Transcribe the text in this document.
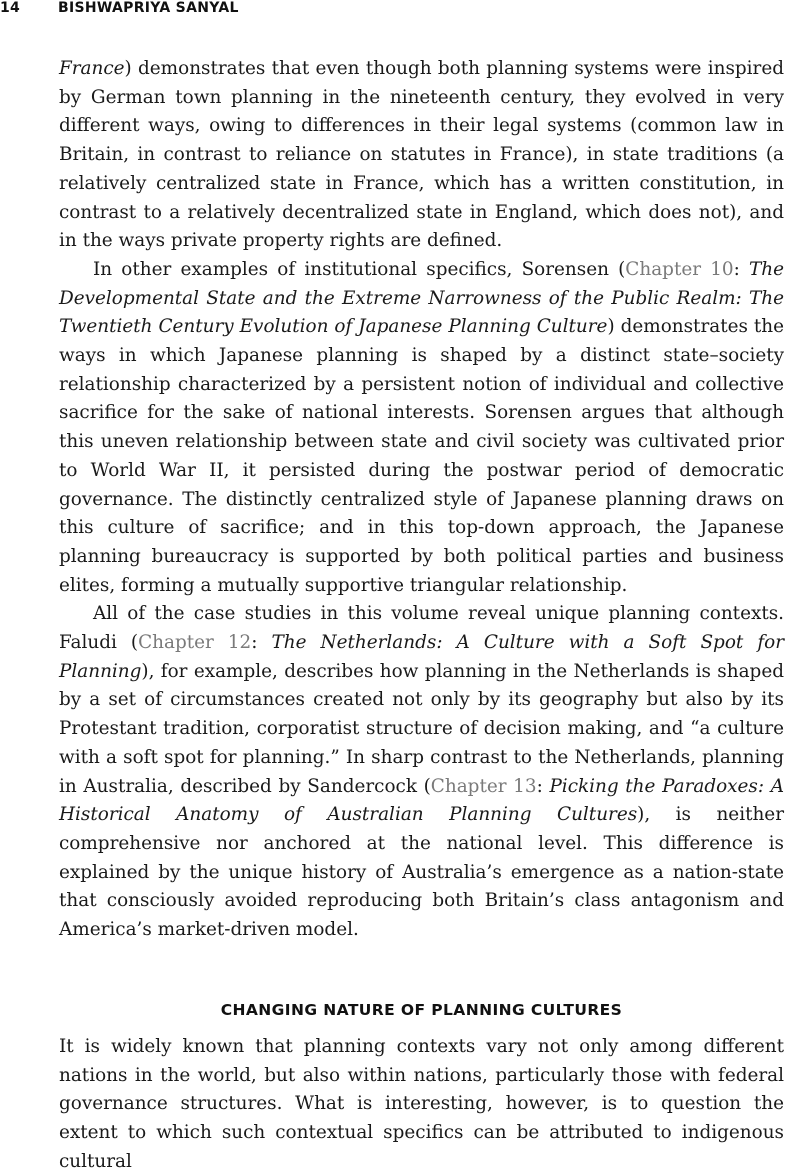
14	BISHWAPRIYA SANYAL

France) demonstrates that even though both planning systems were inspired by German town planning in the nineteenth century, they evolved in very different ways, owing to differences in their legal systems (common law in Britain, in contrast to reliance on statutes in France), in state traditions (a relatively centralized state in France, which has a written constitution, in contrast to a relatively decentralized state in England, which does not), and in the ways private property rights are defined.

In other examples of institutional specifics, Sorensen (Chapter 10: The Developmental State and the Extreme Narrowness of the Public Realm: The Twentieth Century Evolution of Japanese Planning Culture) demonstrates the ways in which Japanese planning is shaped by a distinct state–society relationship characterized by a persistent notion of individual and collective sacrifice for the sake of national interests. Sorensen argues that although this uneven relationship between state and civil society was cultivated prior to World War II, it persisted during the postwar period of democratic governance. The distinctly centralized style of Japanese planning draws on this culture of sacrifice; and in this top-down approach, the Japanese planning bureaucracy is supported by both political parties and business elites, forming a mutually supportive triangular relationship.

All of the case studies in this volume reveal unique planning contexts. Faludi (Chapter 12: The Netherlands: A Culture with a Soft Spot for Planning), for example, describes how planning in the Netherlands is shaped by a set of circumstances created not only by its geography but also by its Protestant tradition, corporatist structure of decision making, and “a culture with a soft spot for planning.” In sharp contrast to the Netherlands, planning in Australia, described by Sandercock (Chapter 13: Picking the Paradoxes: A Historical Anatomy of Australian Planning Cultures), is neither comprehensive nor anchored at the national level. This difference is explained by the unique history of Australia’s emergence as a nation-state that consciously avoided reproducing both Britain’s class antagonism and America’s market-driven model.

CHANGING NATURE OF PLANNING CULTURES

It is widely known that planning contexts vary not only among different nations in the world, but also within nations, particularly those with federal governance structures. What is interesting, however, is to question the extent to which such contextual specifics can be attributed to indigenous cultural
